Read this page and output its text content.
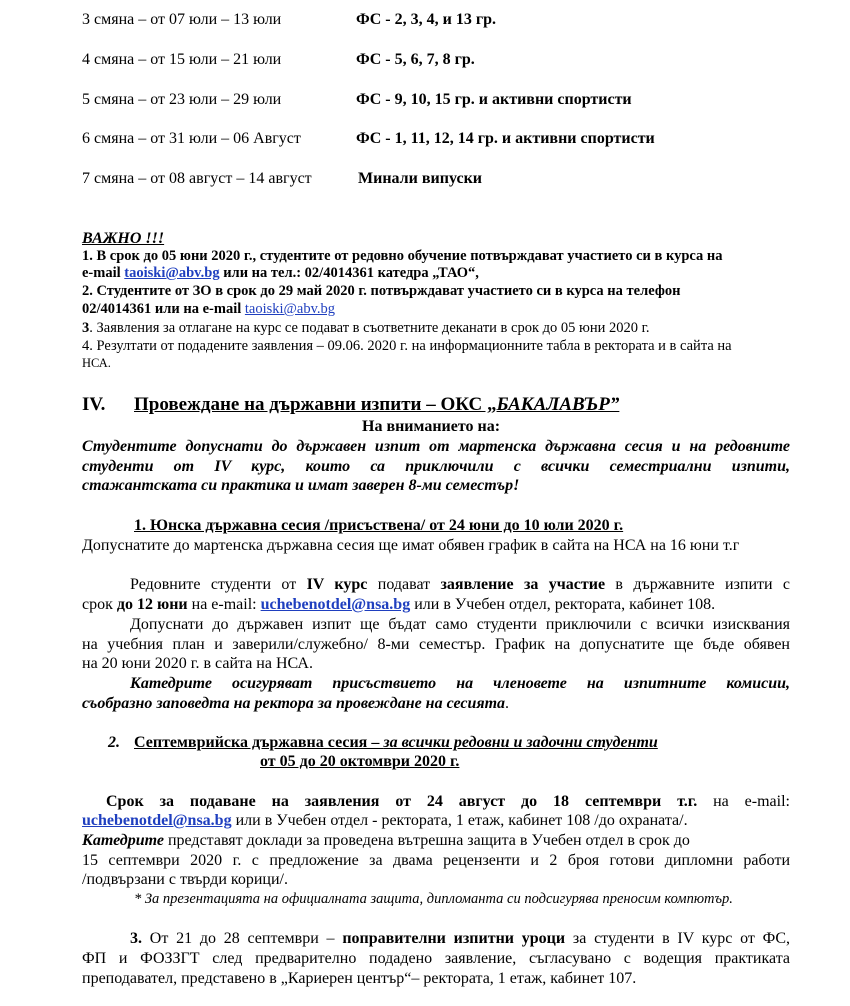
3 смяна – от 07 юли – 13 юли	ФС - 2, 3, 4, и 13 гр.
4 смяна – от 15 юли – 21 юли	ФС - 5, 6, 7, 8 гр.
5 смяна – от 23 юли – 29 юли	ФС - 9, 10, 15 гр. и активни спортисти
6 смяна – от 31 юли – 06 Август	ФС - 1, 11, 12, 14 гр. и активни спортисти
7 смяна – от 08 август – 14 август	Минали випуски
ВАЖНО !!!
1. В срок до 05 юни 2020 г., студентите от редовно обучение потвърждават участието си в курса на
e-mail taoiski@abv.bg или на тел.: 02/4014361 катедра „ТАО“,
2. Студентите от ЗО в срок до 29 май 2020 г. потвърждават участието си в курса на телефон
02/4014361 или на e-mail taoiski@abv.bg
3. Заявления за отлагане на курс се подават в съответните деканати в срок до 05 юни 2020 г.
4. Резултати от подадените заявления – 09.06. 2020 г. на информационните табла в ректората и в сайта на
НСА.
IV. Провеждане на държавни изпити – ОКС „БАКАЛАВЪР”
На вниманието на:
Студентите допуснати до държавен изпит от мартенска държавна сесия и на редовните
студенти от IV курс, които са приключили с всички семестриални изпити,
стажантската си практика и имат заверен 8-ми семестър!
1. Юнска държавна сесия /присъствена/ от 24 юни до 10 юли 2020 г.
Допуснатите до мартенска държавна сесия ще имат обявен график в сайта на НСА на 16 юни т.г
Редовните студенти от IV курс подават заявление за участие в държавните изпити с
срок до 12 юни на e-mail: uchebenotdel@nsa.bg или в Учебен отдел, ректората, кабинет 108.
Допуснати до държавен изпит ще бъдат само студенти приключили с всички изисквания
на учебния план и заверили/служебно/ 8-ми семестър. График на допуснатите ще бъде обявен
на 20 юни 2020 г. в сайта на НСА.
Катедрите осигуряват присъствието на членовете на изпитните комисии,
съобразно заповедта на ректора за провеждане на сесията.
2. Септемврийска държавна сесия – за всички редовни и задочни студенти
от 05 до 20 октомври 2020 г.
Срок за подаване на заявления от 24 август до 18 септември т.г. на e-mail:
uchebenotdel@nsa.bg или в Учебен отдел - ректората, 1 етаж, кабинет 108 /до охраната/.
Катедрите представят доклади за проведена вътрешна защита в Учебен отдел в срок до
15 септември 2020 г. с предложение за двама рецензенти и 2 броя готови дипломни работи
/подвързани с твърди корици/.
* За презентацията на официалната защита, дипломанта си подсигурява преносим компютър.
3. От 21 до 28 септември – поправителни изпитни уроци за студенти в IV курс от ФС,
ФП и ФОЗЗГТ след предварително подадено заявление, съгласувано с водещия практиката
преподавател, представено в „Кариерен център“– ректората, 1 етаж, кабинет 107.
